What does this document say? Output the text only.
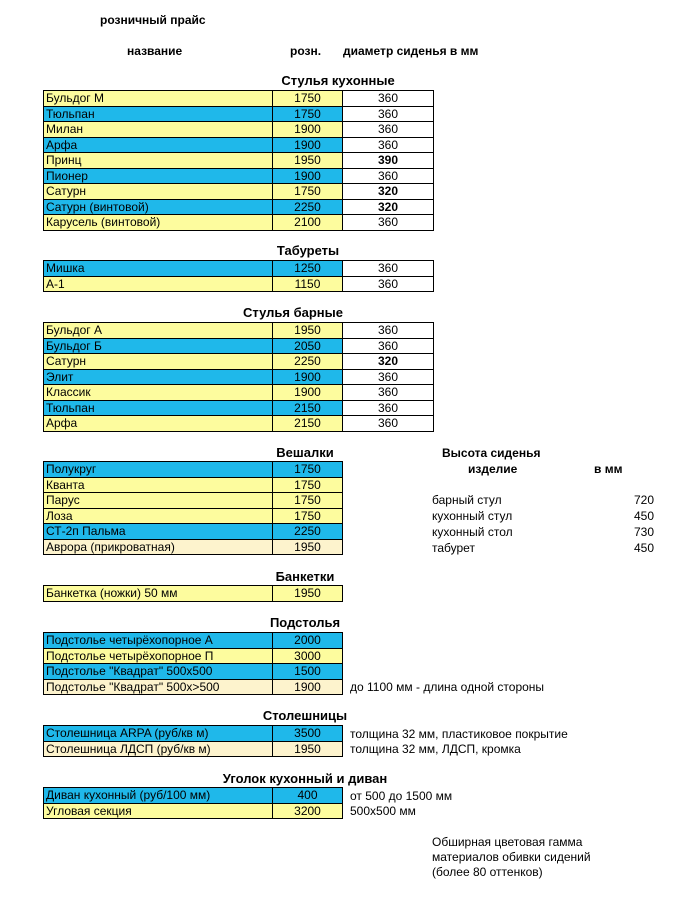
розничный прайс
название	розн. диаметр сиденья в мм
Стулья кухонные
Бульдог М	1750	360
Тюльпан	1750	360
Милан	1900	360
Арфа	1900	360
Принц	1950	390
Пионер	1900	360
Сатурн	1750	320
Сатурн (винтовой)	2250	320
Карусель (винтовой)	2100	360
Табуреты
Мишка	1250	360
А-1	1150	360
Стулья барные
Бульдог А	1950	360
Бульдог Б	2050	360
Сатурн	2250	320
Элит	1900	360
Классик	1900	360
Тюльпан	2150	360
Арфа	2150	360
Вешалки
Полукруг	1750
Кванта	1750
Парус	1750
Лоза	1750
СТ-2п Пальма	2250
Аврора (прикроватная)	1950
Высота сиденья
изделие	в мм
барный стул	720
кухонный стул	450
кухонный стол	730
табурет	450
Банкетки
Банкетка (ножки) 50 мм	1950
Подстолья
Подстолье четырёхопорное А	2000
Подстолье четырёхопорное П	3000
Подстолье "Квадрат" 500х500	1500
Подстолье "Квадрат" 500х>500	1900 до 1100 мм - длина одной стороны
Столешницы
Столешница ARPA (руб/кв м)	3500
Столешница ЛДСП (руб/кв м)	1950
толщина 32 мм, пластиковое покрытие
толщина 32 мм, ЛДСП, кромка
Уголок кухонный и диван
Диван кухонный (руб/100 мм)	400
Угловая секция	3200
от 500 до 1500 мм
500х500 мм
Обширная цветовая гамма
материалов обивки сидений
(более 80 оттенков)
